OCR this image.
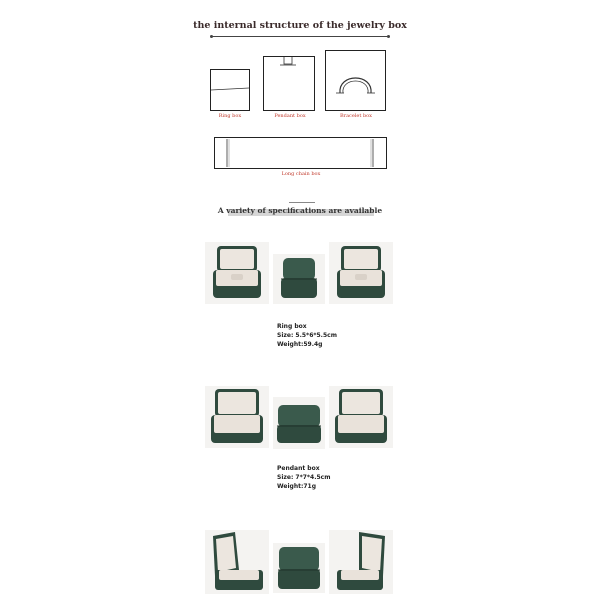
the internal structure of the jewelry box
Ring box	Pendant box	Bracelet box
Long chain box
A variety of specifications are available
Ring box
Size: 5.5*6*5.5cm
Weight:59.4g
Pendant box
Size: 7*7*4.5cm
Weight:71g
